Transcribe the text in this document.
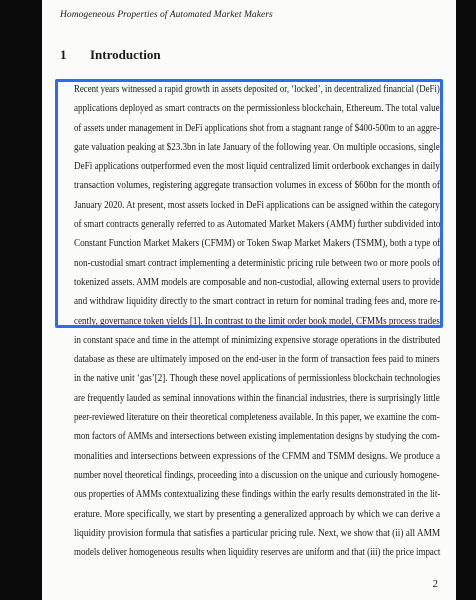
Homogeneous Properties of Automated Market Makers
1 Introduction
Recent years witnessed a rapid growth in assets deposited or, ‘locked’, in decentralized financial (DeFi)
applications deployed as smart contracts on the permissionless blockchain, Ethereum. The total value
of assets under management in DeFi applications shot from a stagnant range of $400-500m to an aggre-
gate valuation peaking at $23.3bn in late January of the following year. On multiple occasions, single
DeFi applications outperformed even the most liquid centralized limit orderbook exchanges in daily
transaction volumes, registering aggregate transaction volumes in excess of $60bn for the month of
January 2020. At present, most assets locked in DeFi applications can be assigned within the category
of smart contracts generally referred to as Automated Market Makers (AMM) further subdivided into
Constant Function Market Makers (CFMM) or Token Swap Market Makers (TSMM), both a type of
non-custodial smart contract implementing a deterministic pricing rule between two or more pools of
tokenized assets. AMM models are composable and non-custodial, allowing external users to provide
and withdraw liquidity directly to the smart contract in return for nominal trading fees and, more re-
cently, governance token yields [1]. In contrast to the limit order book model, CFMMs process trades
in constant space and time in the attempt of minimizing expensive storage operations in the distributed
database as these are ultimately imposed on the end-user in the form of transaction fees paid to miners
in the native unit ‘gas’[2]. Though these novel applications of permissionless blockchain technologies
are frequently lauded as seminal innovations within the financial industries, there is surprisingly little
peer-reviewed literature on their theoretical completeness available. In this paper, we examine the com-
mon factors of AMMs and intersections between existing implementation designs by studying the com-
monalities and intersections between expressions of the CFMM and TSMM designs. We produce a
number novel theoretical findings, proceeding into a discussion on the unique and curiously homogene-
ous properties of AMMs contextualizing these findings within the early results demonstrated in the lit-
erature. More specifically, we start by presenting a generalized approach by which we can derive a
liquidity provision formula that satisfies a particular pricing rule. Next, we show that (ii) all AMM
models deliver homogeneous results when liquidity reserves are uniform and that (iii) the price impact
2
